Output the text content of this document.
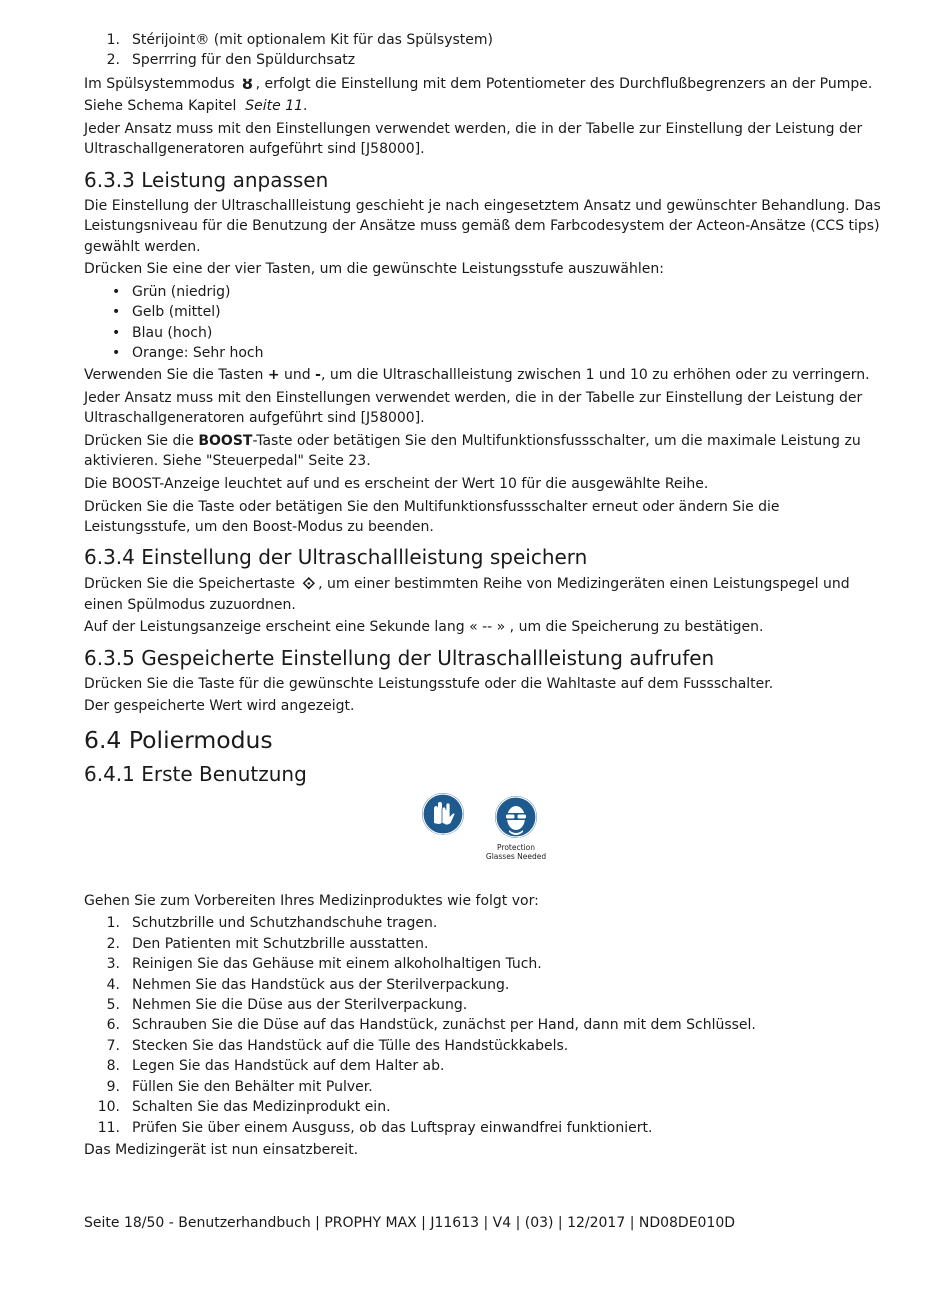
1. Stérijoint® (mit optionalem Kit für das Spülsystem)
2. Sperrring für den Spüldurchsatz

Im Spülsystemmodus ȣ , erfolgt die Einstellung mit dem Potentiometer des Durchflußbegrenzers an der Pumpe.

Siehe Schema Kapitel Seite 11.

Jeder Ansatz muss mit den Einstellungen verwendet werden, die in der Tabelle zur Einstellung der Leistung der Ultraschallgeneratoren aufgeführt sind [J58000].

6.3.3 Leistung anpassen

Die Einstellung der Ultraschallleistung geschieht je nach eingesetztem Ansatz und gewünschter Behandlung. Das Leistungsniveau für die Benutzung der Ansätze muss gemäß dem Farbcodesystem der Acteon-Ansätze (CCS tips) gewählt werden.

Drücken Sie eine der vier Tasten, um die gewünschte Leistungsstufe auszuwählen:

• Grün (niedrig)
• Gelb (mittel)
• Blau (hoch)
• Orange: Sehr hoch

Verwenden Sie die Tasten + und -, um die Ultraschallleistung zwischen 1 und 10 zu erhöhen oder zu verringern.

Jeder Ansatz muss mit den Einstellungen verwendet werden, die in der Tabelle zur Einstellung der Leistung der Ultraschallgeneratoren aufgeführt sind [J58000].

Drücken Sie die BOOST-Taste oder betätigen Sie den Multifunktionsfussschalter, um die maximale Leistung zu aktivieren. Siehe "Steuerpedal" Seite 23.

Die BOOST-Anzeige leuchtet auf und es erscheint der Wert 10 für die ausgewählte Reihe.

Drücken Sie die Taste oder betätigen Sie den Multifunktionsfussschalter erneut oder ändern Sie die Leistungsstufe, um den Boost-Modus zu beenden.

6.3.4 Einstellung der Ultraschallleistung speichern

Drücken Sie die Speichertaste ⟐ , um einer bestimmten Reihe von Medizingeräten einen Leistungspegel und einen Spülmodus zuzuordnen.

Auf der Leistungsanzeige erscheint eine Sekunde lang « -- » , um die Speicherung zu bestätigen.

6.3.5 Gespeicherte Einstellung der Ultraschallleistung aufrufen

Drücken Sie die Taste für die gewünschte Leistungsstufe oder die Wahltaste auf dem Fussschalter.

Der gespeicherte Wert wird angezeigt.

6.4 Poliermodus
6.4.1 Erste Benutzung
Protection
Glasses Needed

Gehen Sie zum Vorbereiten Ihres Medizinproduktes wie folgt vor:

1. Schutzbrille und Schutzhandschuhe tragen.
2. Den Patienten mit Schutzbrille ausstatten.
3. Reinigen Sie das Gehäuse mit einem alkoholhaltigen Tuch.
4. Nehmen Sie das Handstück aus der Sterilverpackung.
5. Nehmen Sie die Düse aus der Sterilverpackung.
6. Schrauben Sie die Düse auf das Handstück, zunächst per Hand, dann mit dem Schlüssel.
7. Stecken Sie das Handstück auf die Tülle des Handstückkabels.
8. Legen Sie das Handstück auf dem Halter ab.
9. Füllen Sie den Behälter mit Pulver.
10. Schalten Sie das Medizinprodukt ein.
11. Prüfen Sie über einem Ausguss, ob das Luftspray einwandfrei funktioniert.

Das Medizingerät ist nun einsatzbereit.

Seite 18/50 - Benutzerhandbuch | PROPHY MAX | J11613 | V4 | (03) | 12/2017 | ND08DE010D
